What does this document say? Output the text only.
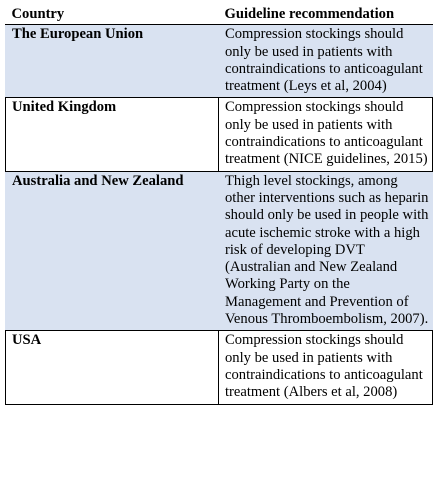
Country	Guideline recommendation
The European Union	Compression stockings should only be used in patients with contraindications to anticoagulant treatment (Leys et al, 2004)
United Kingdom	Compression stockings should only be used in patients with contraindications to anticoagulant treatment (NICE guidelines, 2015)
Australia and New Zealand	Thigh level stockings, among other interventions such as heparin should only be used in people with acute ischemic stroke with a high risk of developing DVT (Australian and New Zealand Working Party on the Management and Prevention of Venous Thromboembolism, 2007).
USA	Compression stockings should only be used in patients with contraindications to anticoagulant treatment (Albers et al, 2008)
